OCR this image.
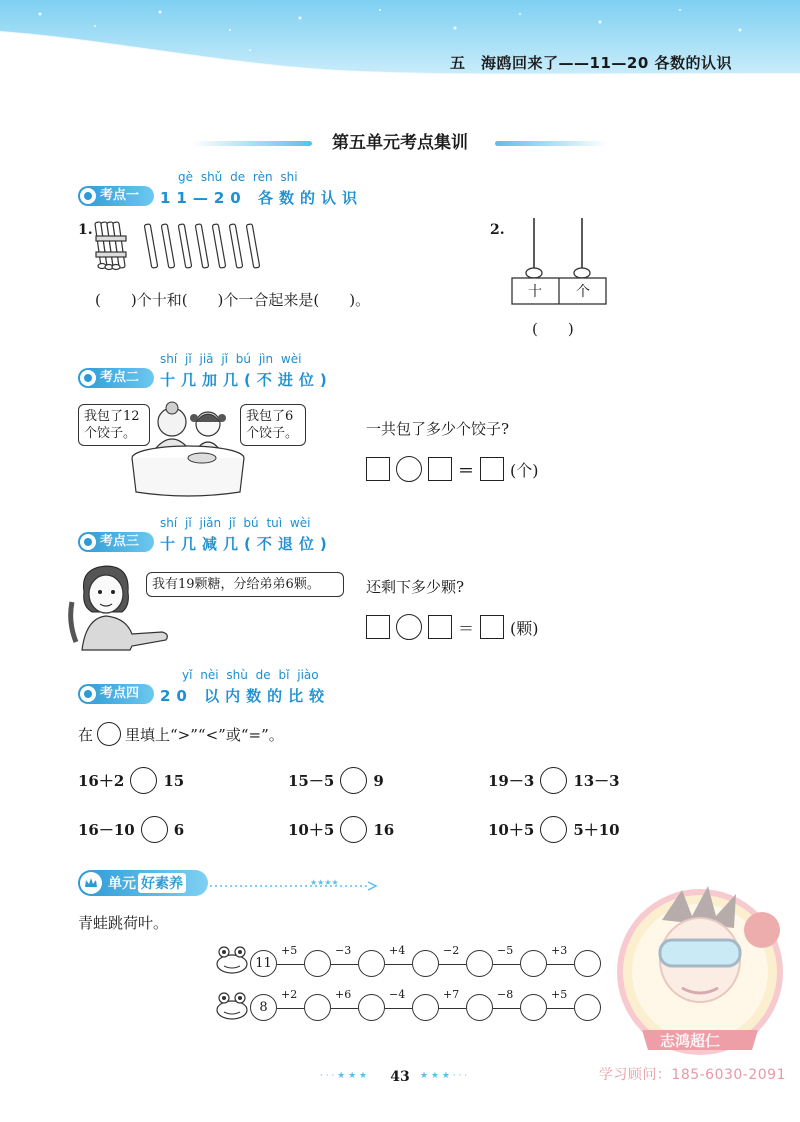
五　海鸥回来了——11—20 各数的认识
第五单元考点集训
gè shǔ de rèn shi
考点一	11—20 各数的认识
1.
(　　)个十和(　　)个一合起来是(　　)。
2.
十 个
(　　)
shí jǐ jiā jǐ bú jìn wèi
考点二	十几加几(不进位)
我包了12个饺子。
我包了6个饺子。	一共包了多少个饺子?
＝ (个)
shí jǐ jiǎn jǐ bú tuì wèi
考点三	十几减几(不退位)
我有19颗糖，分给弟弟6颗。	还剩下多少颗?
＝ (颗)
yǐ nèi shù de bǐ jiào
考点四	20 以内数的比较
在 里填上“>”“<”或“=”。
16＋2	15	15－5	9	19－3	13－3
16－10	6	10＋5	16	10＋5	5＋10
单元 好素养	★★★★
青蛙跳荷叶。
11
+5	−3	+4	−2	−5	+3
8
+2	+6	−4	+7	−8	+5
志鸿超仁
· · · ★ ★ ★	43	★ ★ ★ · · ·	学习顾问：185-6030-2091
